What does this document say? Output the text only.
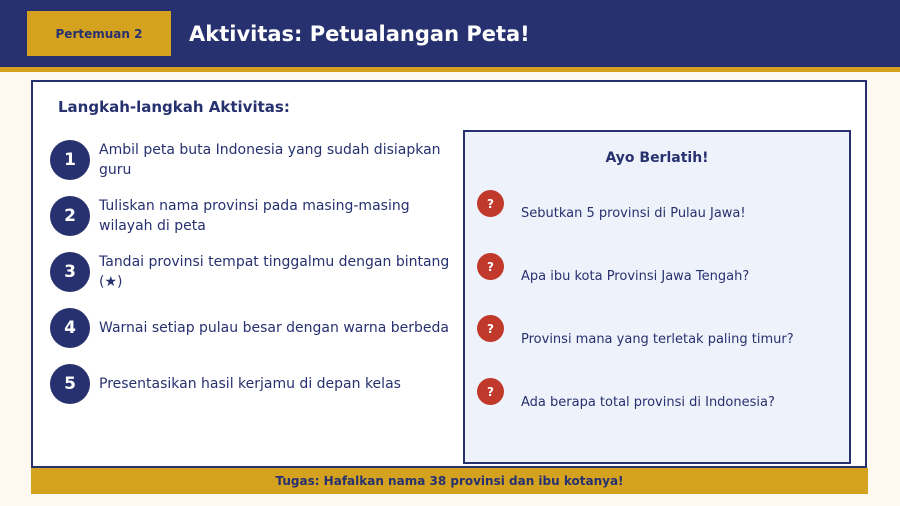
Pertemuan 2	Aktivitas: Petualangan Peta!
Langkah-langkah Aktivitas:
1	Ambil peta buta Indonesia yang sudah disiapkan guru
2	Tuliskan nama provinsi pada masing-masing wilayah di peta
3	Tandai provinsi tempat tinggalmu dengan bintang (★)
4	Warnai setiap pulau besar dengan warna berbeda
5	Presentasikan hasil kerjamu di depan kelas
Ayo Berlatih!
?
Sebutkan 5 provinsi di Pulau Jawa!
?
Apa ibu kota Provinsi Jawa Tengah?
?
Provinsi mana yang terletak paling timur?
?
Ada berapa total provinsi di Indonesia?
Tugas: Hafalkan nama 38 provinsi dan ibu kotanya!
